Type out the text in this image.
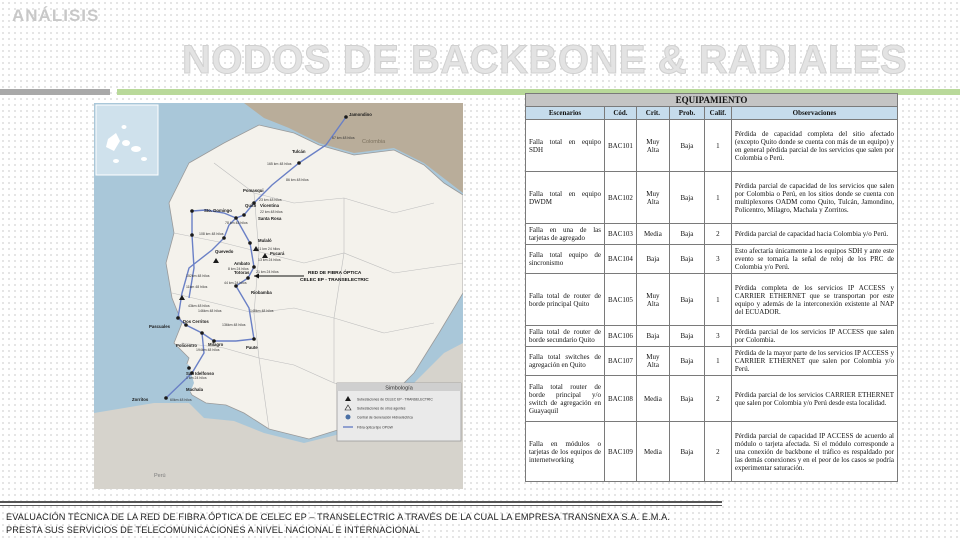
ANÁLISIS
NODOS DE BACKBONE & RADIALES
Colombia
Perú
Jamondino
Tulcán
Pomasqui
Quito Vicentina
Santa Rosa
Sto. Domingo
Mulaló
Pucará
Quevedo
Ambato
Totoras
Riobamba
Pascuales
Dos Cerritos
Policentro	Milagro
Paute
San Idelfonso
Machala
Zorritos
67 km 48 hilos
165 km 48 hilos
86 km 48 hilos
23 km 48 hilos
22 km 48 hilos
78 km 48 hilos
108 km 48 hilos
111 km 24 hilos
13 km 24 hilos
8 km 24 hilos
44 km 24 hilos
21 km 24 hilos
152km 48 hilos
11km 48 hilos
43km 48 hilos
146km 48 hilos	148km 48 hilos
194km 48 hilos
136km 48 hilos
1 km 24 hilos
60km 48 hilos
RED DE FIBRA ÓPTICA
CELEC EP - TRANSELECTRIC
Simbología
Subestaciones de CELEC EP - TRANSELECTRIC
Subestaciones de otros agentes
Central de Generación Hidroeléctrica
Fibra óptica tipo OPGW
EQUIPAMIENTO					
Escenarios	Cód.	Crit.	Prob.	Calif.	Observaciones
Falla total en equipo SDH	BAC101	Muy Alta	Baja	1	Pérdida de capacidad completa del sitio afectado (excepto Quito donde se cuenta con más de un equipo) y en general pérdida parcial de los servicios que salen por Colombia o Perú.
Falla total en equipo DWDM	BAC102	Muy Alta	Baja	1	Pérdida parcial de capacidad de los servicios que salen por Colombia o Perú, en los sitios donde se cuenta con multiplexores OADM como Quito, Tulcán, Jamondino, Policentro, Milagro, Machala y Zorritos.
Falla en una de las tarjetas de agregado	BAC103	Media	Baja	2	Pérdida parcial de capacidad hacia Colombia y/o Perú.
Falla total equipo de sincronismo	BAC104	Baja	Baja	3	Esto afectaría únicamente a los equipos SDH y ante este evento se tomaría la señal de reloj de los PRC de Colombia y/o Perú.
Falla total de router de borde principal Quito	BAC105	Muy Alta	Baja	1	Pérdida completa de los servicios IP ACCESS y CARRIER ETHERNET que se transportan por este equipo y además de la interconexión existente al NAP del ECUADOR.
Falla total de router de borde secundario Quito	BAC106	Baja	Baja	3	Pérdida parcial de los servicios IP ACCESS que salen por Colombia.
Falla total switches de agregación en Quito	BAC107	Muy Alta	Baja	1	Pérdida de la mayor parte de los servicios IP ACCESS y CARRIER ETHERNET que salen por Colombia y/o Perú.
Falla total router de borde principal y/o switch de agregación en Guayaquil	BAC108	Media	Baja	2	Pérdida parcial de los servicios CARRIER ETHERNET que salen por Colombia y/o Perú desde esta localidad.
Falla en módulos o tarjetas de los equipos de internetworking	BAC109	Media	Baja	2	Pérdida parcial de capacidad IP ACCESS de acuerdo al módulo o tarjeta afectada. Si el módulo corresponde a una conexión de backbone el tráfico es respaldado por las demás conexiones y en el peor de los casos se podría experimentar saturación.
EVALUACIÓN TÉCNICA DE LA RED DE FIBRA ÓPTICA DE CELEC EP – TRANSELECTRIC A TRAVÉS DE LA CUAL LA EMPRESA TRANSNEXA S.A. E.M.A.
PRESTA SUS SERVICIOS DE TELECOMUNICACIONES A NIVEL NACIONAL E INTERNACIONAL
